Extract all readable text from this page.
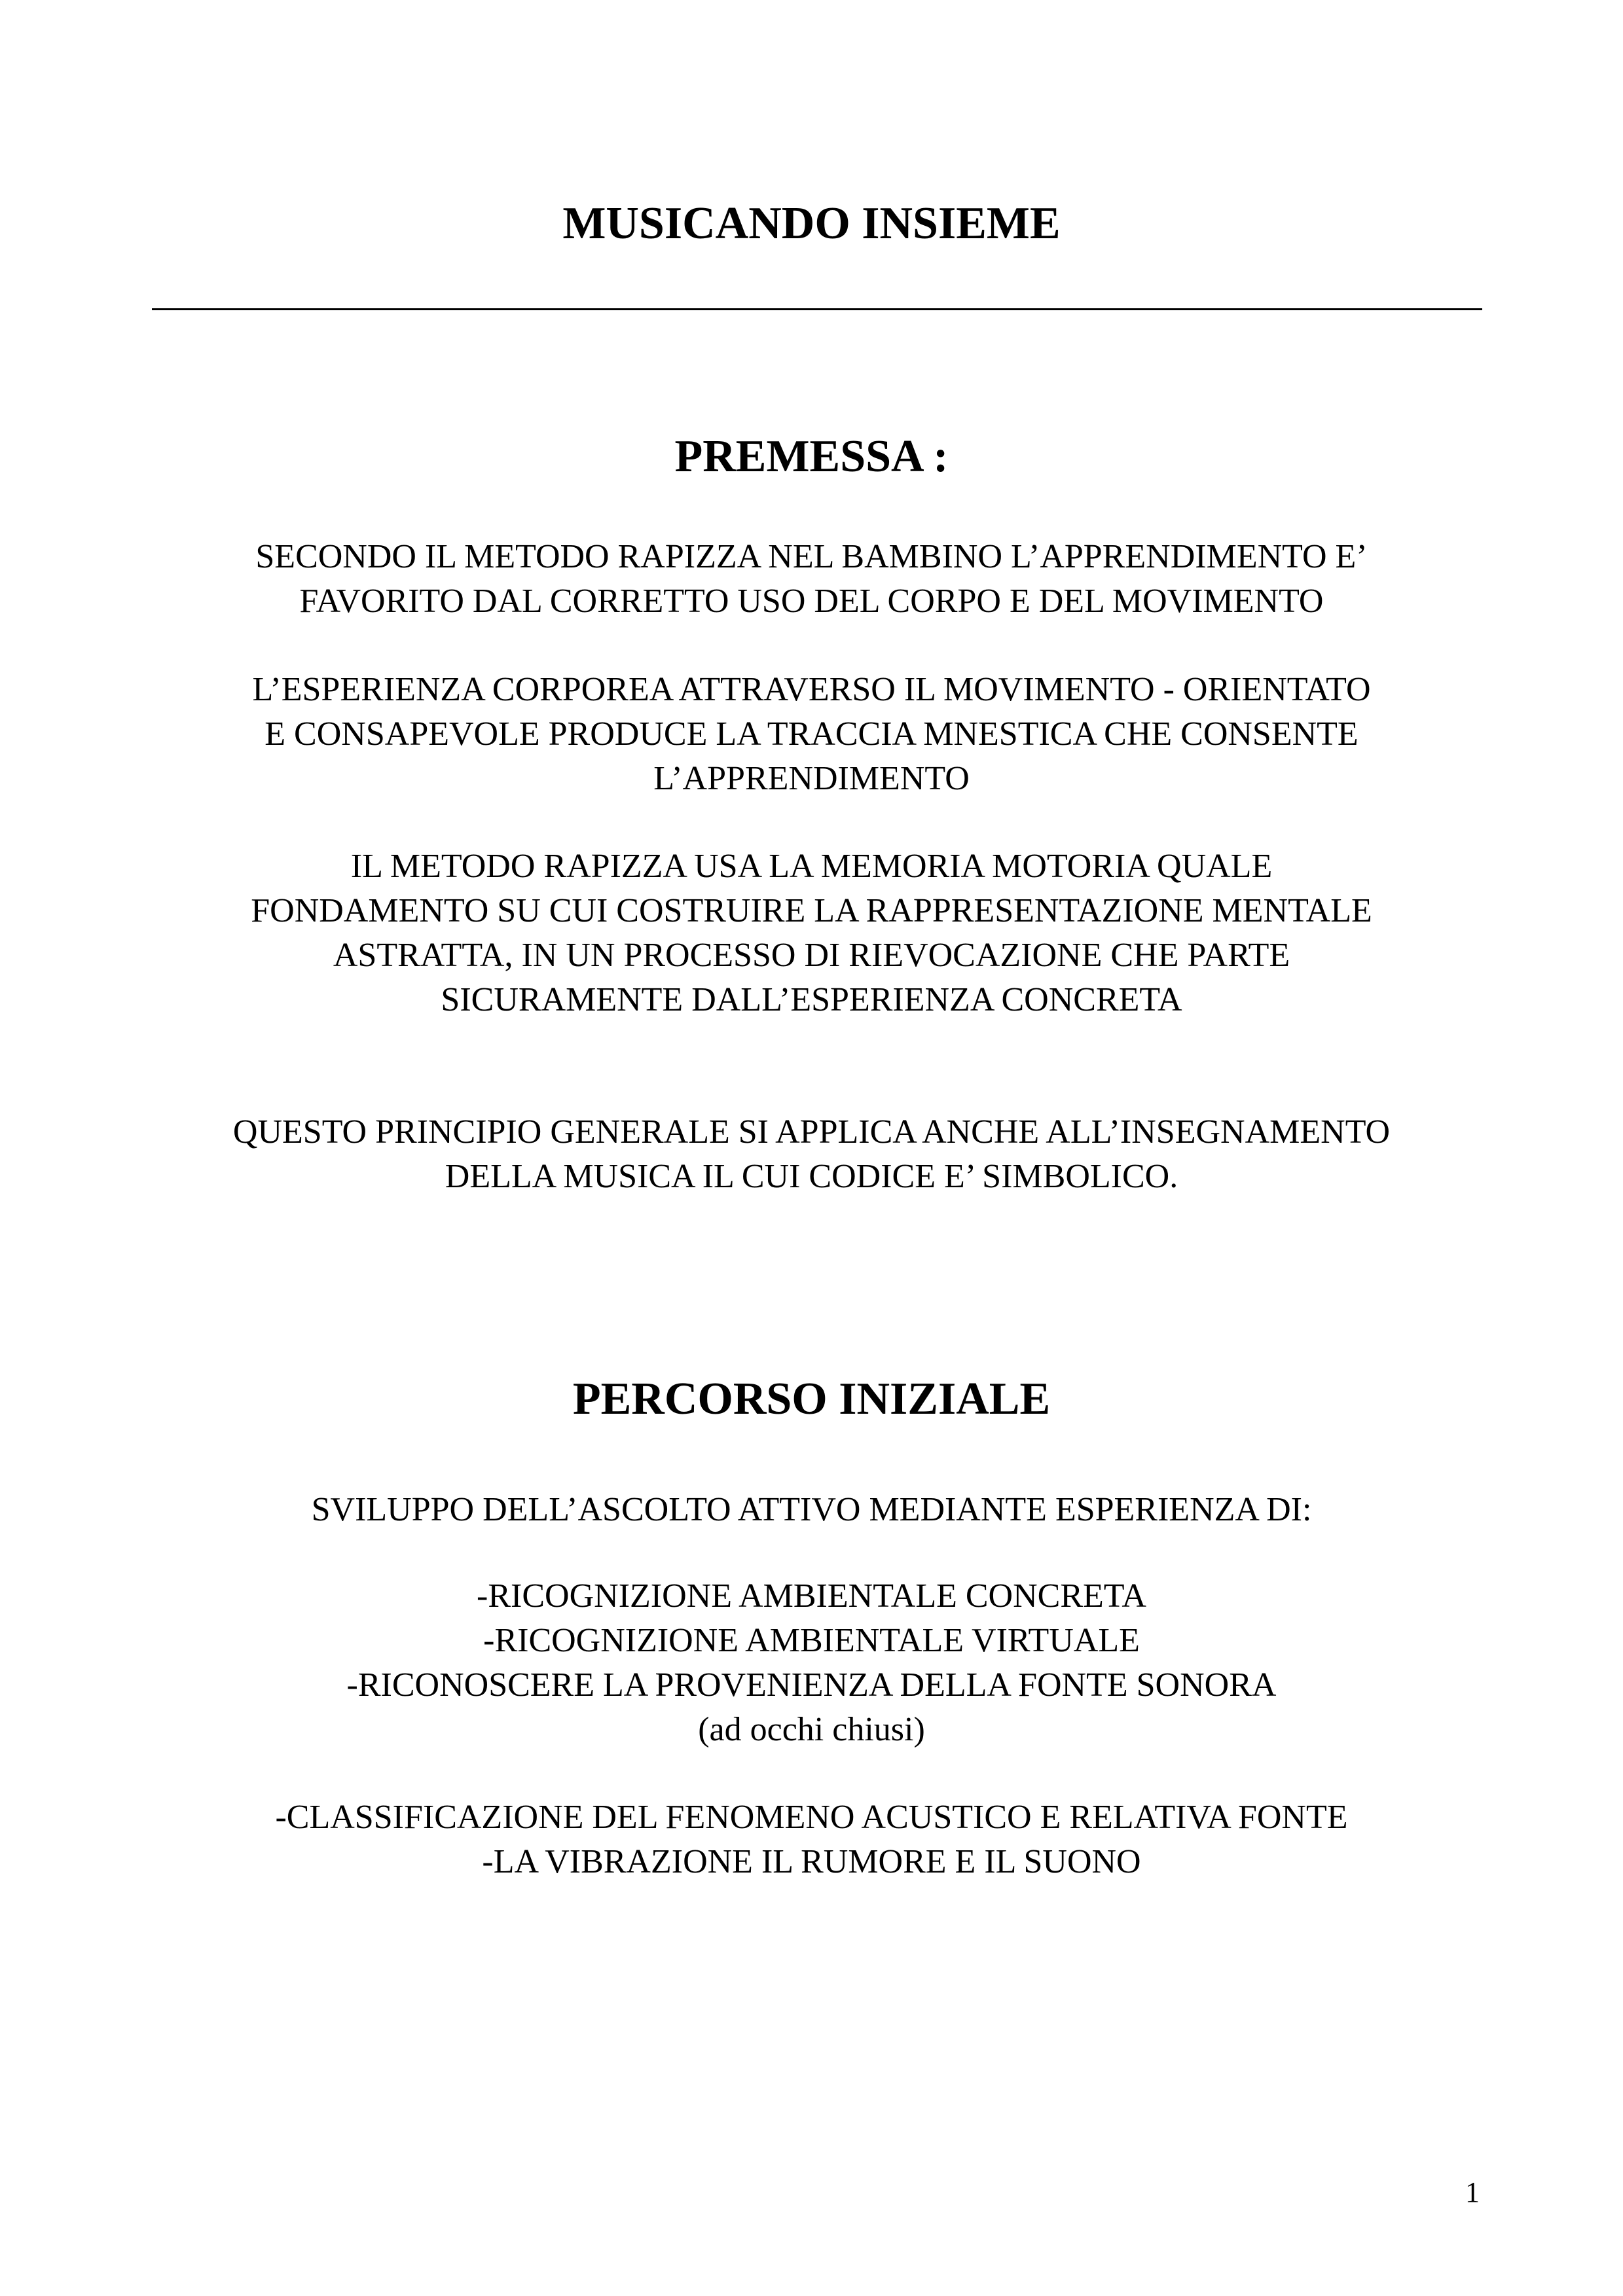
MUSICANDO INSIEME
PREMESSA :
SECONDO IL METODO RAPIZZA NEL BAMBINO L’APPRENDIMENTO E’
FAVORITO DAL CORRETTO USO DEL CORPO E DEL MOVIMENTO
L’ESPERIENZA CORPOREA ATTRAVERSO IL MOVIMENTO - ORIENTATO
E CONSAPEVOLE PRODUCE LA TRACCIA MNESTICA CHE CONSENTE
L’APPRENDIMENTO
IL METODO RAPIZZA USA LA MEMORIA MOTORIA QUALE
FONDAMENTO SU CUI COSTRUIRE LA RAPPRESENTAZIONE MENTALE
ASTRATTA, IN UN PROCESSO DI RIEVOCAZIONE CHE PARTE
SICURAMENTE DALL’ESPERIENZA CONCRETA
QUESTO PRINCIPIO GENERALE SI APPLICA ANCHE ALL’INSEGNAMENTO
DELLA MUSICA IL CUI CODICE E’ SIMBOLICO.
PERCORSO INIZIALE
SVILUPPO DELL’ASCOLTO ATTIVO MEDIANTE ESPERIENZA DI:
-RICOGNIZIONE AMBIENTALE CONCRETA
-RICOGNIZIONE AMBIENTALE VIRTUALE
-RICONOSCERE LA PROVENIENZA DELLA FONTE SONORA
(ad occhi chiusi)
-CLASSIFICAZIONE DEL FENOMENO ACUSTICO E RELATIVA FONTE
-LA VIBRAZIONE IL RUMORE E IL SUONO
1
